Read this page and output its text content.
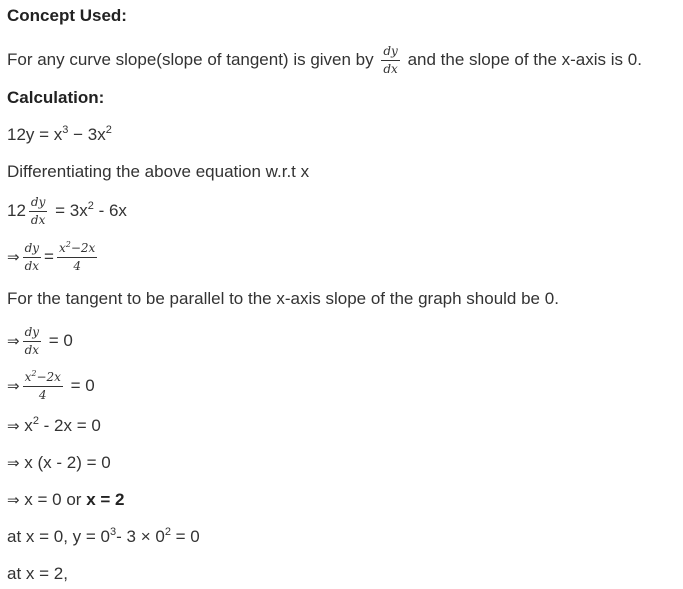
Concept Used:
For any curve slope(slope of tangent) is given by $\frac{dy}{dx}$ and the slope of the x-axis is 0.
Calculation:
$12y = x^3 - 3x^2$
Differentiating the above equation w.r.t x
$12 \frac{dy}{dx} = 3x^2 - 6x$
⇒ $\frac{dy}{dx} = \frac{x^2-2x}{4}$
For the tangent to be parallel to the x-axis slope of the graph should be 0.
⇒ $\frac{dy}{dx} = 0$
⇒ $\frac{x^2-2x}{4} = 0$
⇒ $x^2 - 2x = 0$
⇒ x (x - 2) = 0
⇒ x = 0 or x = 2
at x = 0, $y = 0^3-$ $3 \times 0^2 = 0$
at x = 2,
